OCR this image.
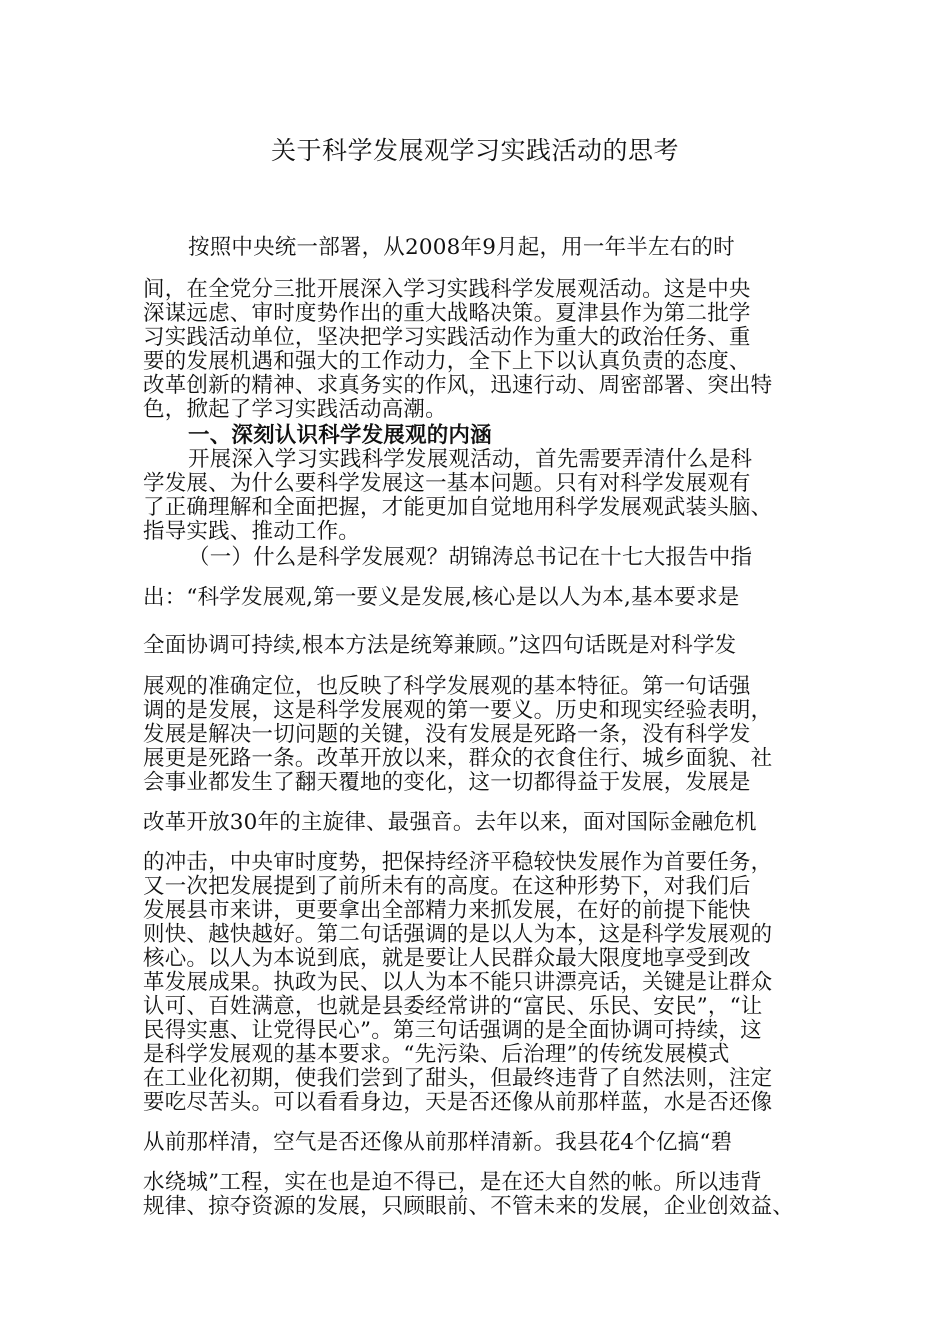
关于科学发展观学习实践活动的思考
按照中央统一部署，从2008年9月起，用一年半左右的时
间，在全党分三批开展深入学习实践科学发展观活动。这是中央
深谋远虑、审时度势作出的重大战略决策。夏津县作为第二批学
习实践活动单位，坚决把学习实践活动作为重大的政治任务、重
要的发展机遇和强大的工作动力，全下上下以认真负责的态度、
改革创新的精神、求真务实的作风，迅速行动、周密部署、突出特
色，掀起了学习实践活动高潮。
一、深刻认识科学发展观的内涵
开展深入学习实践科学发展观活动，首先需要弄清什么是科
学发展、为什么要科学发展这一基本问题。只有对科学发展观有
了正确理解和全面把握，才能更加自觉地用科学发展观武装头脑、
指导实践、推动工作。
（一）什么是科学发展观？胡锦涛总书记在十七大报告中指
出：“科学发展观,第一要义是发展,核心是以人为本,基本要求是
全面协调可持续,根本方法是统筹兼顾。”这四句话既是对科学发
展观的准确定位，也反映了科学发展观的基本特征。第一句话强
调的是发展，这是科学发展观的第一要义。历史和现实经验表明，
发展是解决一切问题的关键，没有发展是死路一条，没有科学发
展更是死路一条。改革开放以来，群众的衣食住行、城乡面貌、社
会事业都发生了翻天覆地的变化，这一切都得益于发展，发展是
改革开放30年的主旋律、最强音。去年以来，面对国际金融危机
的冲击，中央审时度势，把保持经济平稳较快发展作为首要任务，
又一次把发展提到了前所未有的高度。在这种形势下，对我们后
发展县市来讲，更要拿出全部精力来抓发展，在好的前提下能快
则快、越快越好。第二句话强调的是以人为本，这是科学发展观的
核心。以人为本说到底，就是要让人民群众最大限度地享受到改
革发展成果。执政为民、以人为本不能只讲漂亮话，关键是让群众
认可、百姓满意，也就是县委经常讲的“富民、乐民、安民”，“让
民得实惠、让党得民心”。第三句话强调的是全面协调可持续，这
是科学发展观的基本要求。“先污染、后治理”的传统发展模式
在工业化初期，使我们尝到了甜头，但最终违背了自然法则，注定
要吃尽苦头。可以看看身边，天是否还像从前那样蓝，水是否还像
从前那样清，空气是否还像从前那样清新。我县花4个亿搞“碧
水绕城”工程，实在也是迫不得已，是在还大自然的帐。所以违背
规律、掠夺资源的发展，只顾眼前、不管未来的发展，企业创效益、
